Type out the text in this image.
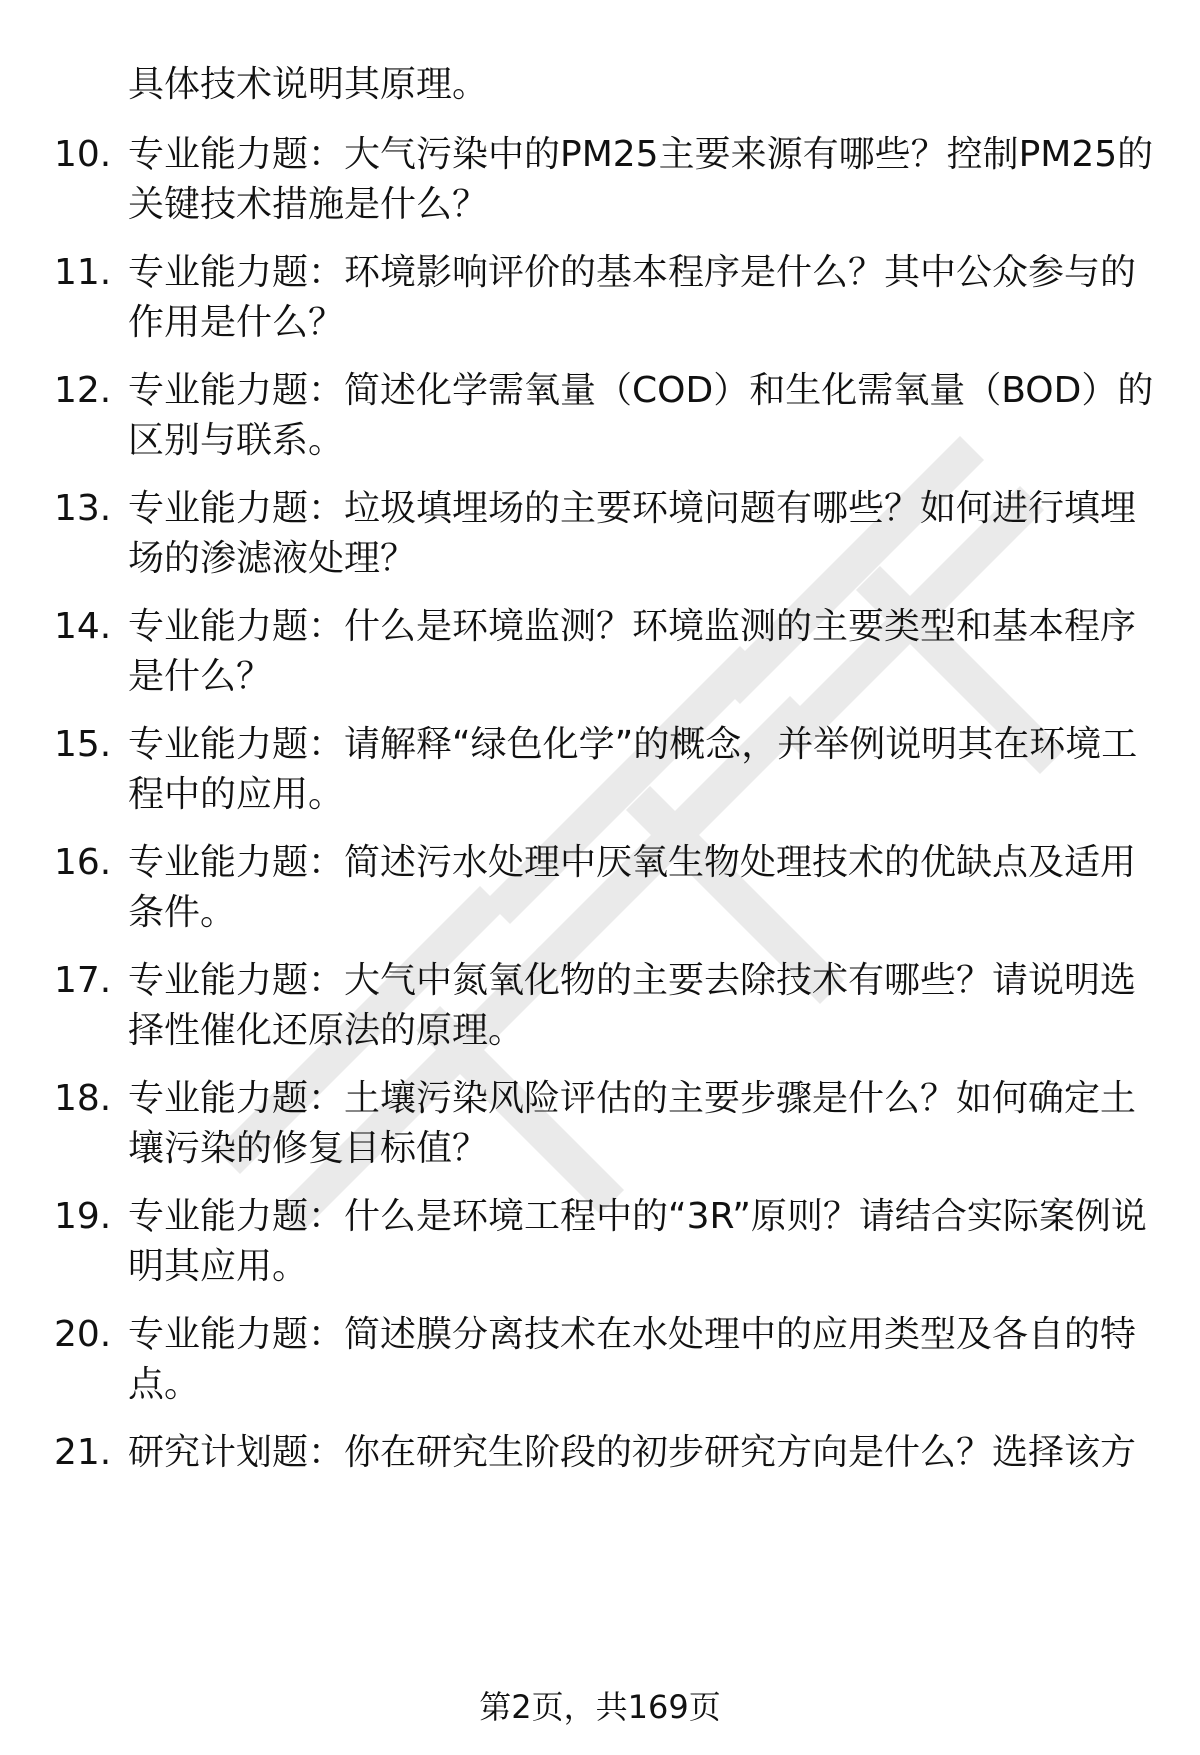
具体技术说明其原理。

10. 专业能力题：大气污染中的PM25主要来源有哪些？控制PM25的关键技术措施是什么？

11. 专业能力题：环境影响评价的基本程序是什么？其中公众参与的作用是什么？

12. 专业能力题：简述化学需氧量（COD）和生化需氧量（BOD）的区别与联系。

13. 专业能力题：垃圾填埋场的主要环境问题有哪些？如何进行填埋场的渗滤液处理？

14. 专业能力题：什么是环境监测？环境监测的主要类型和基本程序是什么？

15. 专业能力题：请解释“绿色化学”的概念，并举例说明其在环境工程中的应用。

16. 专业能力题：简述污水处理中厌氧生物处理技术的优缺点及适用条件。

17. 专业能力题：大气中氮氧化物的主要去除技术有哪些？请说明选择性催化还原法的原理。

18. 专业能力题：土壤污染风险评估的主要步骤是什么？如何确定土壤污染的修复目标值？

19. 专业能力题：什么是环境工程中的“3R”原则？请结合实际案例说明其应用。

20. 专业能力题：简述膜分离技术在水处理中的应用类型及各自的特点。

21. 研究计划题：你在研究生阶段的初步研究方向是什么？选择该方

第2页，共169页
